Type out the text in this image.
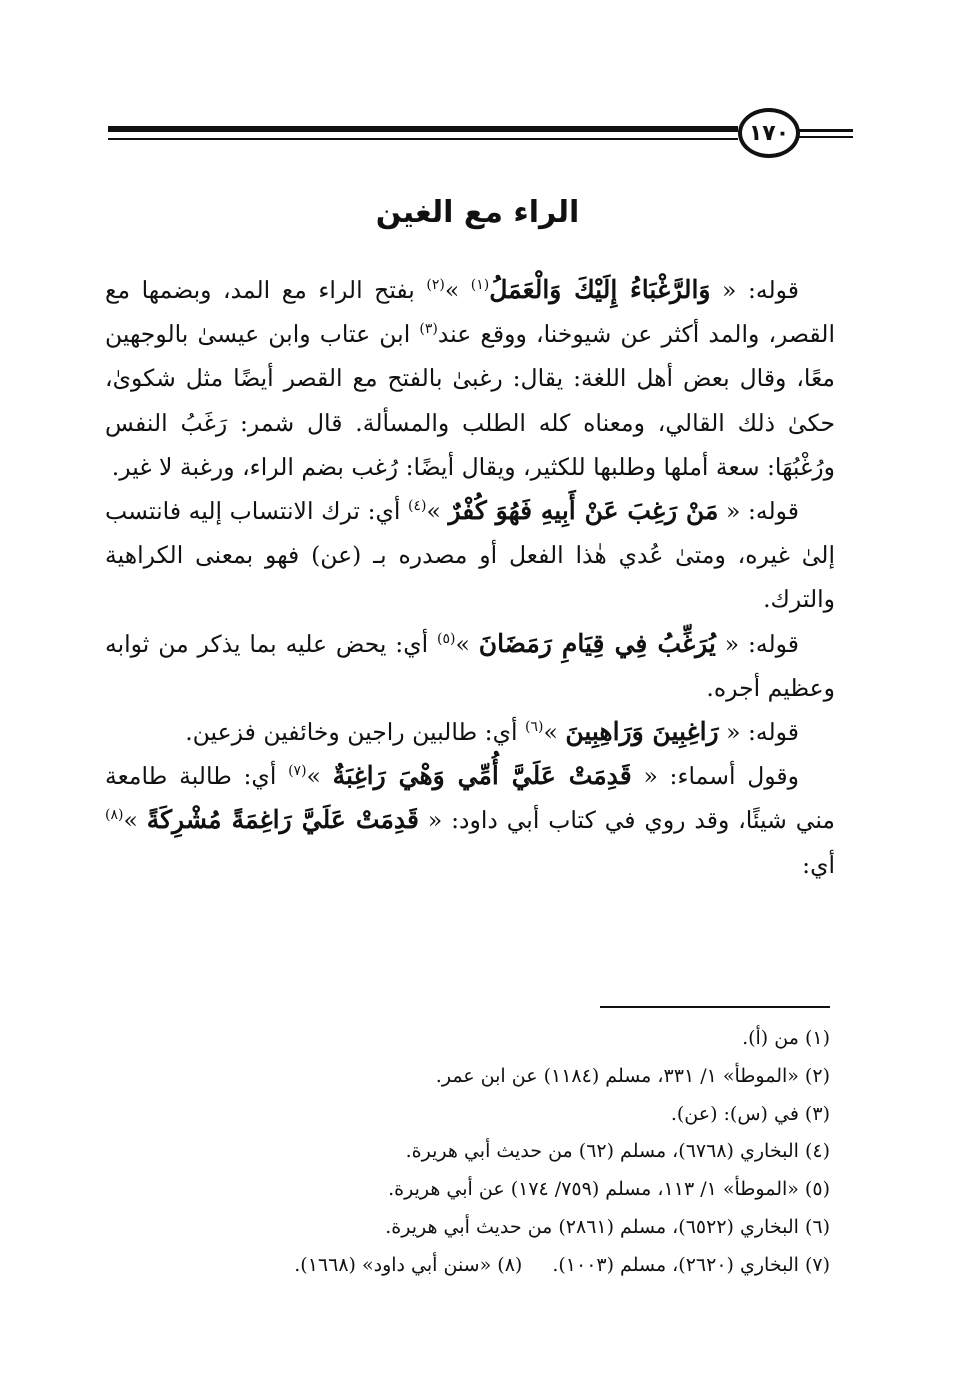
١٧٠
الراء مع الغين

قوله: « وَالرَّغْبَاءُ إِلَيْكَ وَالْعَمَلُ$^{(١)}$ »$^{(٢)}$ بفتح الراء مع المد، وبضمها مع القصر، والمد أكثر عن شيوخنا، ووقع عند$^{(٣)}$ ابن عتاب وابن عيسىٰ بالوجهين معًا، وقال بعض أهل اللغة: يقال: رغبىٰ بالفتح مع القصر أيضًا مثل شكوىٰ، حكىٰ ذلك القالي، ومعناه كله الطلب والمسألة. قال شمر: رَغَبُ النفس ورُغْبُهَا: سعة أملها وطلبها للكثير، ويقال أيضًا: رُغب بضم الراء، ورغبة لا غير.

قوله: « مَنْ رَغِبَ عَنْ أَبِيهِ فَهُوَ كُفْرٌ »$^{(٤)}$ أي: ترك الانتساب إليه فانتسب إلىٰ غيره، ومتىٰ عُدي هٰذا الفعل أو مصدره بـ (عن) فهو بمعنى الكراهية والترك.

قوله: « يُرَغِّبُ فِي قِيَامِ رَمَضَانَ »$^{(٥)}$ أي: يحض عليه بما يذكر من ثوابه وعظيم أجره.

قوله: « رَاغِبِينَ وَرَاهِبِينَ »$^{(٦)}$ أي: طالبين راجين وخائفين فزعين.

وقول أسماء: « قَدِمَتْ عَلَيَّ أُمِّي وَهْيَ رَاغِبَةٌ »$^{(٧)}$ أي: طالبة طامعة مني شيئًا، وقد روي في كتاب أبي داود: « قَدِمَتْ عَلَيَّ رَاغِمَةً مُشْرِكَةً »$^{(٨)}$ أي:

(١) من (أ).
(٢) «الموطأ» ١/ ٣٣١، مسلم (١١٨٤) عن ابن عمر.
(٣) في (س): (عن).
(٤) البخاري (٦٧٦٨)، مسلم (٦٢) من حديث أبي هريرة.
(٥) «الموطأ» ١/ ١١٣، مسلم (٧٥٩/ ١٧٤) عن أبي هريرة.
(٦) البخاري (٦٥٢٢)، مسلم (٢٨٦١) من حديث أبي هريرة.
(٧) البخاري (٢٦٢٠)، مسلم (١٠٠٣).(٨) «سنن أبي داود» (١٦٦٨).
